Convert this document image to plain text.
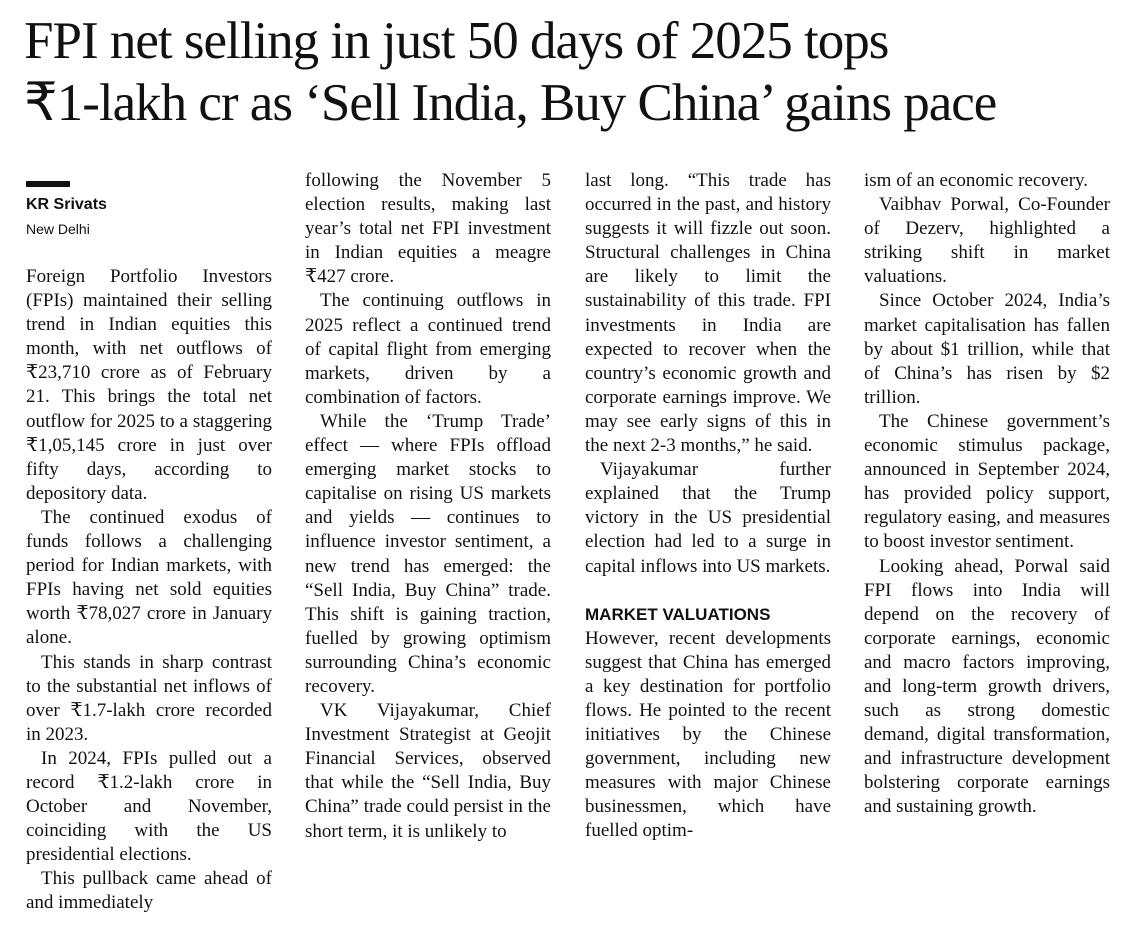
FPI net selling in just 50 days of 2025 tops
₹1-lakh cr as ‘Sell India, Buy China’ gains pace
KR Srivats
New Delhi

Foreign Portfolio Investors (FPIs) maintained their selling trend in Indian equities this month, with net outflows of ₹23,710 crore as of February 21. This brings the total net outflow for 2025 to a staggering ₹1,05,145 crore in just over fifty days, according to depository data.

The continued exodus of funds follows a challenging period for Indian markets, with FPIs having net sold equities worth ₹78,027 crore in January alone.

This stands in sharp contrast to the substantial net inflows of over ₹1.7-lakh crore recorded in 2023.

In 2024, FPIs pulled out a record ₹1.2-lakh crore in October and November, coinciding with the US presidential elections.

This pullback came ahead of and immediately

following the November 5 election results, making last year’s total net FPI investment in Indian equities a meagre ₹427 crore.

The continuing outflows in 2025 reflect a continued trend of capital flight from emerging markets, driven by a combination of factors.

While the ‘Trump Trade’ effect — where FPIs offload emerging market stocks to capitalise on rising US markets and yields — continues to influence investor sentiment, a new trend has emerged: the “Sell India, Buy China” trade. This shift is gaining traction, fuelled by growing optimism surrounding China’s economic recovery.

VK Vijayakumar, Chief Investment Strategist at Geojit Financial Services, observed that while the “Sell India, Buy China” trade could persist in the short term, it is unlikely to

last long. “This trade has occurred in the past, and history suggests it will fizzle out soon. Structural challenges in China are likely to limit the sustainability of this trade. FPI investments in India are expected to recover when the country’s economic growth and corporate earnings improve. We may see early signs of this in the next 2-3 months,” he said.

Vijayakumar further explained that the Trump victory in the US presidential election had led to a surge in capital inflows into US markets.

MARKET VALUATIONS

However, recent developments suggest that China has emerged a key destination for portfolio flows. He pointed to the recent initiatives by the Chinese government, including new measures with major Chinese businessmen, which have fuelled optim-

ism of an economic recovery.

Vaibhav Porwal, Co-Founder of Dezerv, highlighted a striking shift in market valuations.

Since October 2024, India’s market capitalisation has fallen by about $1 trillion, while that of China’s has risen by $2 trillion.

The Chinese government’s economic stimulus package, announced in September 2024, has provided policy support, regulatory easing, and measures to boost investor sentiment.

Looking ahead, Porwal said FPI flows into India will depend on the recovery of corporate earnings, economic and macro factors improving, and long-term growth drivers, such as strong domestic demand, digital transformation, and infrastructure development bolstering corporate earnings and sustaining growth.
